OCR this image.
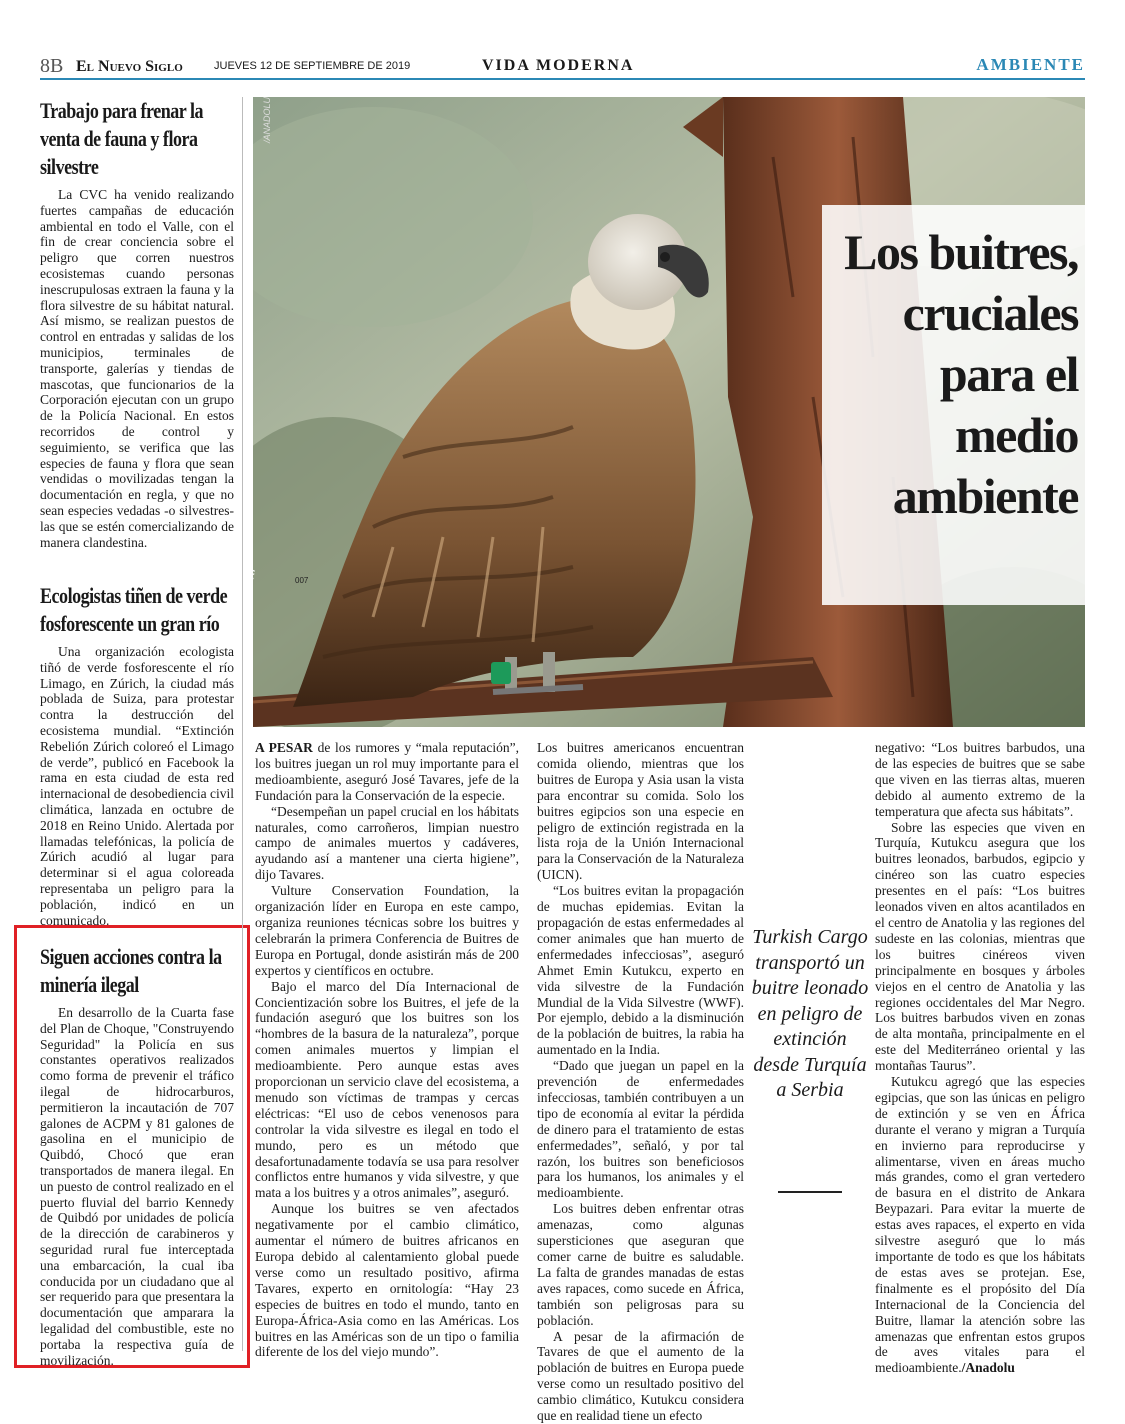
8B El Nuevo Siglo	JUEVES 12 DE SEPTIEMBRE DE 2019	VIDA MODERNA	AMBIENTE
Trabajo para frenar la venta de fauna y flora silvestre

La CVC ha venido realizando fuertes campañas de educación ambiental en todo el Valle, con el fin de crear conciencia sobre el peligro que corren nuestros ecosistemas cuando personas inescrupulosas extraen la fauna y la flora silvestre de su hábitat natural. Así mismo, se realizan puestos de control en entradas y salidas de los municipios, terminales de transporte, galerías y tiendas de mascotas, que funcionarios de la Corporación ejecutan con un grupo de la Policía Nacional. En estos recorridos de control y seguimiento, se verifica que las especies de fauna y flora que sean vendidas o movilizadas tengan la documentación en regla, y que no sean especies vedadas -o silvestres- las que se estén comercializando de manera clandestina.

Ecologistas tiñen de verde fosforescente un gran río

Una organización ecologista tiñó de verde fosforescente el río Limago, en Zúrich, la ciudad más poblada de Suiza, para protestar contra la destrucción del ecosistema mundial. “Extinción Rebelión Zúrich coloreó el Limago de verde”, publicó en Facebook la rama en esta ciudad de esta red internacional de desobediencia civil climática, lanzada en octubre de 2018 en Reino Unido. Alertada por llamadas telefónicas, la policía de Zúrich acudió al lugar para determinar si el agua coloreada representaba un peligro para la población, indicó en un comunicado.

Siguen acciones contra la minería ilegal

En desarrollo de la Cuarta fase del Plan de Choque, "Construyendo Seguridad" la Policía en sus constantes operativos realizados como forma de prevenir el tráfico ilegal de hidrocarburos, permitieron la incautación de 707 galones de ACPM y 81 galones de gasolina en el municipio de Quibdó, Chocó que eran transportados de manera ilegal. En un puesto de control realizado en el puerto fluvial del barrio Kennedy de Quibdó por unidades de policía de la dirección de carabineros y seguridad rural fue interceptada una embarcación, la cual iba conducida por un ciudadano que al ser requerido para que presentara la documentación que amparara la legalidad del combustible, este no portaba la respectiva guía de movilización.

SA7	007
/ANADOLU
Los buitres, cruciales para el medio ambiente

A PESAR de los rumores y “mala reputación”, los buitres juegan un rol muy importante para el medioambiente, aseguró José Tavares, jefe de la Fundación para la Conservación de la especie.

“Desempeñan un papel crucial en los hábitats naturales, como carroñeros, limpian nuestro campo de animales muertos y cadáveres, ayudando así a mantener una cierta higiene”, dijo Tavares.

Vulture Conservation Foundation, la organización líder en Europa en este campo, organiza reuniones técnicas sobre los buitres y celebrarán la primera Conferencia de Buitres de Europa en Portugal, donde asistirán más de 200 expertos y científicos en octubre.

Bajo el marco del Día Internacional de Concientización sobre los Buitres, el jefe de la fundación aseguró que los buitres son los “hombres de la basura de la naturaleza”, porque comen animales muertos y limpian el medioambiente. Pero aunque estas aves proporcionan un servicio clave del ecosistema, a menudo son víctimas de trampas y cercas eléctricas: “El uso de cebos venenosos para controlar la vida silvestre es ilegal en todo el mundo, pero es un método que desafortunadamente todavía se usa para resolver conflictos entre humanos y vida silvestre, y que mata a los buitres y a otros animales”, aseguró.

Aunque los buitres se ven afectados negativamente por el cambio climático, aumentar el número de buitres africanos en Europa debido al calentamiento global puede verse como un resultado positivo, afirma Tavares, experto en ornitología: “Hay 23 especies de buitres en todo el mundo, tanto en Europa-África-Asia como en las Américas. Los buitres en las Américas son de un tipo o familia diferente de los del viejo mundo”.

Los buitres americanos encuentran comida oliendo, mientras que los buitres de Europa y Asia usan la vista para encontrar su comida. Solo los buitres egipcios son una especie en peligro de extinción registrada en la lista roja de la Unión Internacional para la Conservación de la Naturaleza (UICN).

“Los buitres evitan la propagación de muchas epidemias. Evitan la propagación de estas enfermedades al comer animales que han muerto de enfermedades infecciosas”, aseguró Ahmet Emin Kutukcu, experto en vida silvestre de la Fundación Mundial de la Vida Silvestre (WWF). Por ejemplo, debido a la disminución de la población de buitres, la rabia ha aumentado en la India.

“Dado que juegan un papel en la prevención de enfermedades infecciosas, también contribuyen a un tipo de economía al evitar la pérdida de dinero para el tratamiento de estas enfermedades”, señaló, y por tal razón, los buitres son beneficiosos para los humanos, los animales y el medioambiente.

Los buitres deben enfrentar otras amenazas, como algunas supersticiones que aseguran que comer carne de buitre es saludable. La falta de grandes manadas de estas aves rapaces, como sucede en África, también son peligrosas para su población.

A pesar de la afirmación de Tavares de que el aumento de la población de buitres en Europa puede verse como un resultado positivo del cambio climático, Kutukcu considera que en realidad tiene un efecto

Turkish Cargo transportó un buitre leonado en peligro de extinción desde Turquía a Serbia

negativo: “Los buitres barbudos, una de las especies de buitres que se sabe que viven en las tierras altas, mueren debido al aumento extremo de la temperatura que afecta sus hábitats”.

Sobre las especies que viven en Turquía, Kutukcu asegura que los buitres leonados, barbudos, egipcio y cinéreo son las cuatro especies presentes en el país: “Los buitres leonados viven en altos acantilados en el centro de Anatolia y las regiones del sudeste en las colonias, mientras que los buitres cinéreos viven principalmente en bosques y árboles viejos en el centro de Anatolia y las regiones occidentales del Mar Negro. Los buitres barbudos viven en zonas de alta montaña, principalmente en el este del Mediterráneo oriental y las montañas Taurus”.

Kutukcu agregó que las especies egipcias, que son las únicas en peligro de extinción y se ven en África durante el verano y migran a Turquía en invierno para reproducirse y alimentarse, viven en áreas mucho más grandes, como el gran vertedero de basura en el distrito de Ankara Beypazari. Para evitar la muerte de estas aves rapaces, el experto en vida silvestre aseguró que lo más importante de todo es que los hábitats de estas aves se protejan. Ese, finalmente es el propósito del Día Internacional de la Conciencia del Buitre, llamar la atención sobre las amenazas que enfrentan estos grupos de aves vitales para el medioambiente./Anadolu
